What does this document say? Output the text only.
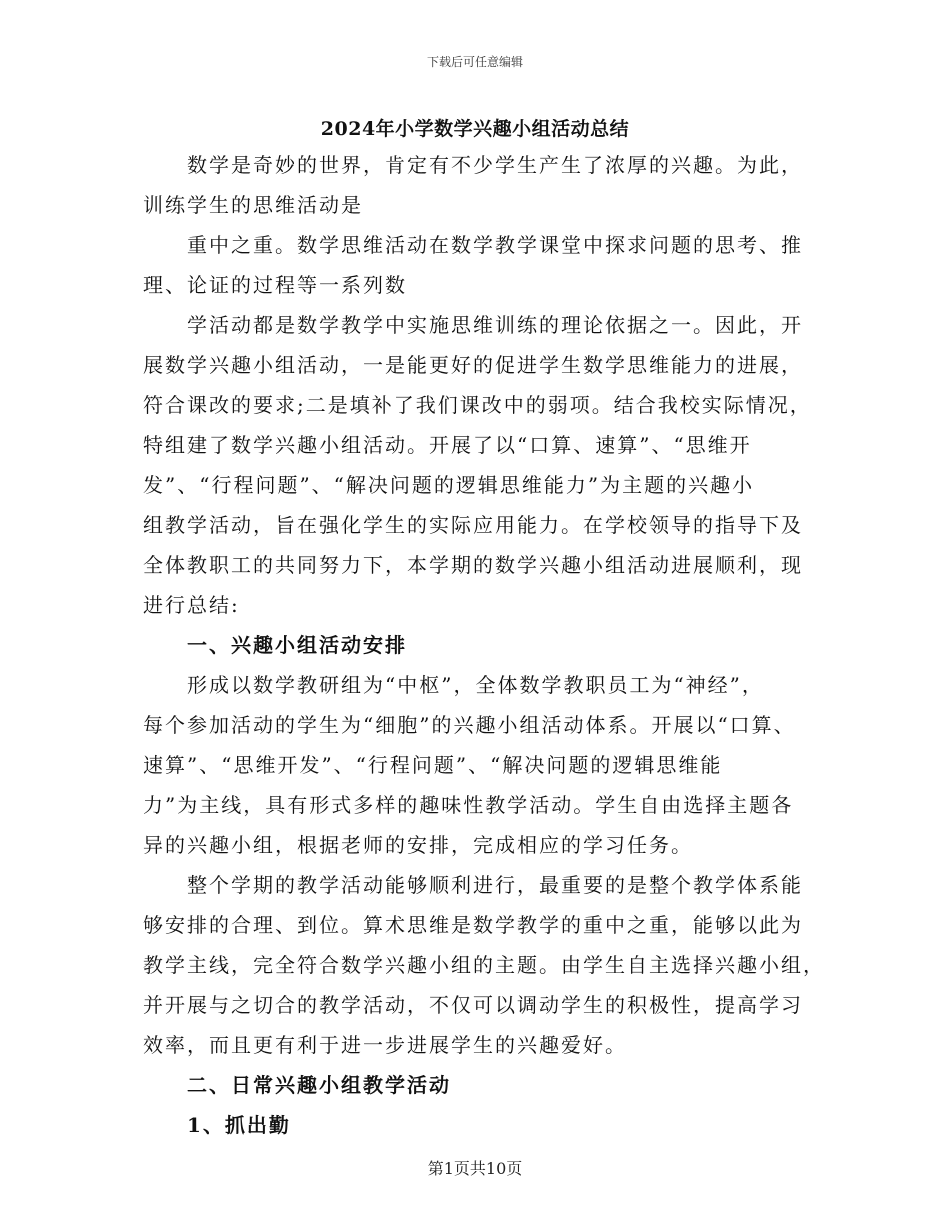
下载后可任意编辑
2024年小学数学兴趣小组活动总结
数学是奇妙的世界，肯定有不少学生产生了浓厚的兴趣。为此，
训练学生的思维活动是
重中之重。数学思维活动在数学教学课堂中探求问题的思考、推
理、论证的过程等一系列数
学活动都是数学教学中实施思维训练的理论依据之一。因此，开
展数学兴趣小组活动，一是能更好的促进学生数学思维能力的进展，
符合课改的要求;二是填补了我们课改中的弱项。结合我校实际情况，
特组建了数学兴趣小组活动。开展了以“口算、速算”、“思维开
发”、“行程问题”、“解决问题的逻辑思维能力”为主题的兴趣小
组教学活动，旨在强化学生的实际应用能力。在学校领导的指导下及
全体教职工的共同努力下，本学期的数学兴趣小组活动进展顺利，现
进行总结:
一、兴趣小组活动安排
形成以数学教研组为“中枢”，全体数学教职员工为“神经”，
每个参加活动的学生为“细胞”的兴趣小组活动体系。开展以“口算、
速算”、“思维开发”、“行程问题”、“解决问题的逻辑思维能
力”为主线，具有形式多样的趣味性教学活动。学生自由选择主题各
异的兴趣小组，根据老师的安排，完成相应的学习任务。
整个学期的教学活动能够顺利进行，最重要的是整个教学体系能
够安排的合理、到位。算术思维是数学教学的重中之重，能够以此为
教学主线，完全符合数学兴趣小组的主题。由学生自主选择兴趣小组，
并开展与之切合的教学活动，不仅可以调动学生的积极性，提高学习
效率，而且更有利于进一步进展学生的兴趣爱好。
二、日常兴趣小组教学活动
1、抓出勤
第1页共10页
